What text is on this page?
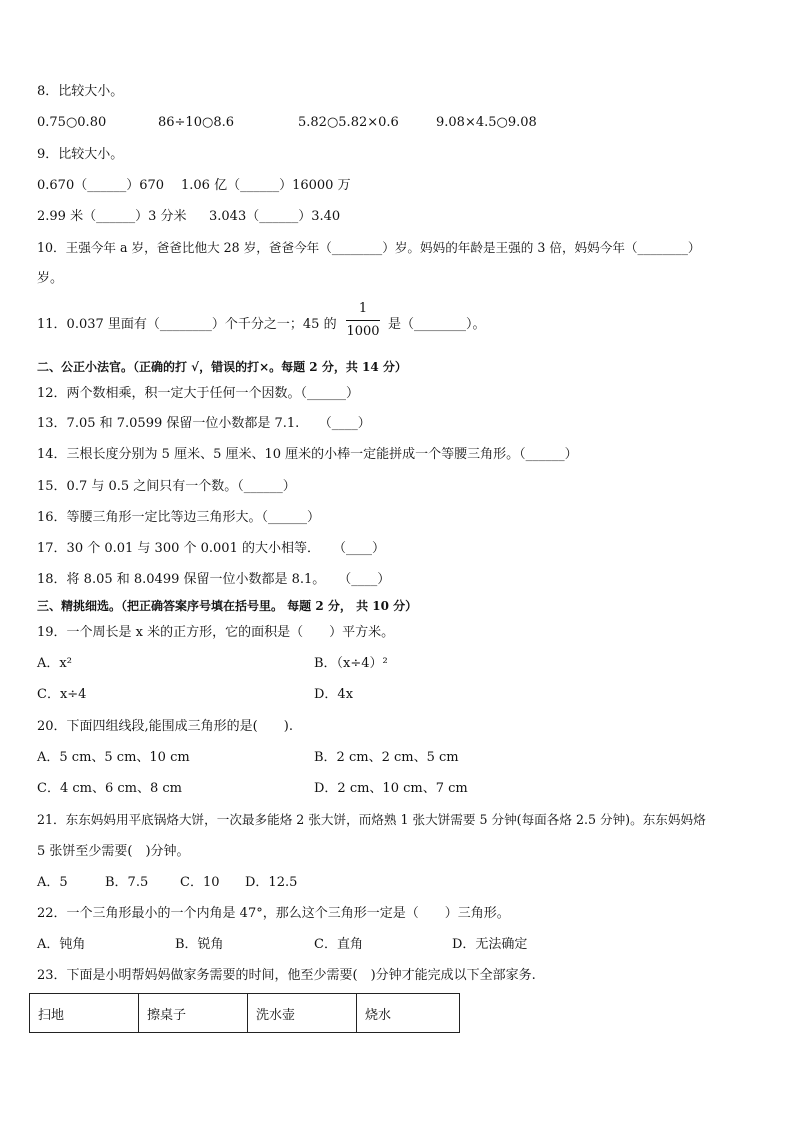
8．比较大小。
0.75○0.80	86÷10○8.6	5.82○5.82×0.6	9.08×4.5○9.08
9．比较大小。
0.670（______）670 1.06 亿（______）16000 万
2.99 米（______）3 分米 3.043（______）3.40
10．王强今年 a 岁，爸爸比他大 28 岁，爸爸今年（________）岁。妈妈的年龄是王强的 3 倍，妈妈今年（________）
岁。
11．0.037 里面有（________）个千分之一；45 的
1
1000 是（________）。
二、公正小法官。（正确的打 √，错误的打×。每题 2 分，共 14 分）
12．两个数相乘，积一定大于任何一个因数。（______）
13．7.05 和 7.0599 保留一位小数都是 7.1.　　（____）
14．三根长度分别为 5 厘米、5 厘米、10 厘米的小棒一定能拼成一个等腰三角形。（______）
15．0.7 与 0.5 之间只有一个数。（______）
16．等腰三角形一定比等边三角形大。（______）
17．30 个 0.01 与 300 个 0.001 的大小相等．　　（____）
18．将 8.05 和 8.0499 保留一位小数都是 8.1。　　（____）
三、精挑细选。（把正确答案序号填在括号里。 每题 2 分， 共 10 分）
19．一个周长是 x 米的正方形，它的面积是（　　）平方米。
A．x²	B．（x÷4）²
C．x÷4	D．4x
20．下面四组线段,能围成三角形的是(　　).
A．5 cm、5 cm、10 cm	B．2 cm、2 cm、5 cm
C．4 cm、6 cm、8 cm	D．2 cm、10 cm、7 cm
21．东东妈妈用平底锅烙大饼，一次最多能烙 2 张大饼，而烙熟 1 张大饼需要 5 分钟(每面各烙 2.5 分钟)。东东妈妈烙
5 张饼至少需要(　)分钟。
A．5	B．7.5 C．10 D．12.5
22．一个三角形最小的一个内角是 47°，那么这个三角形一定是（　　）三角形。
A．钝角	B．锐角	C．直角	D．无法确定
23．下面是小明帮妈妈做家务需要的时间，他至少需要(　)分钟才能完成以下全部家务.
扫地	擦桌子	洗水壶	烧水
